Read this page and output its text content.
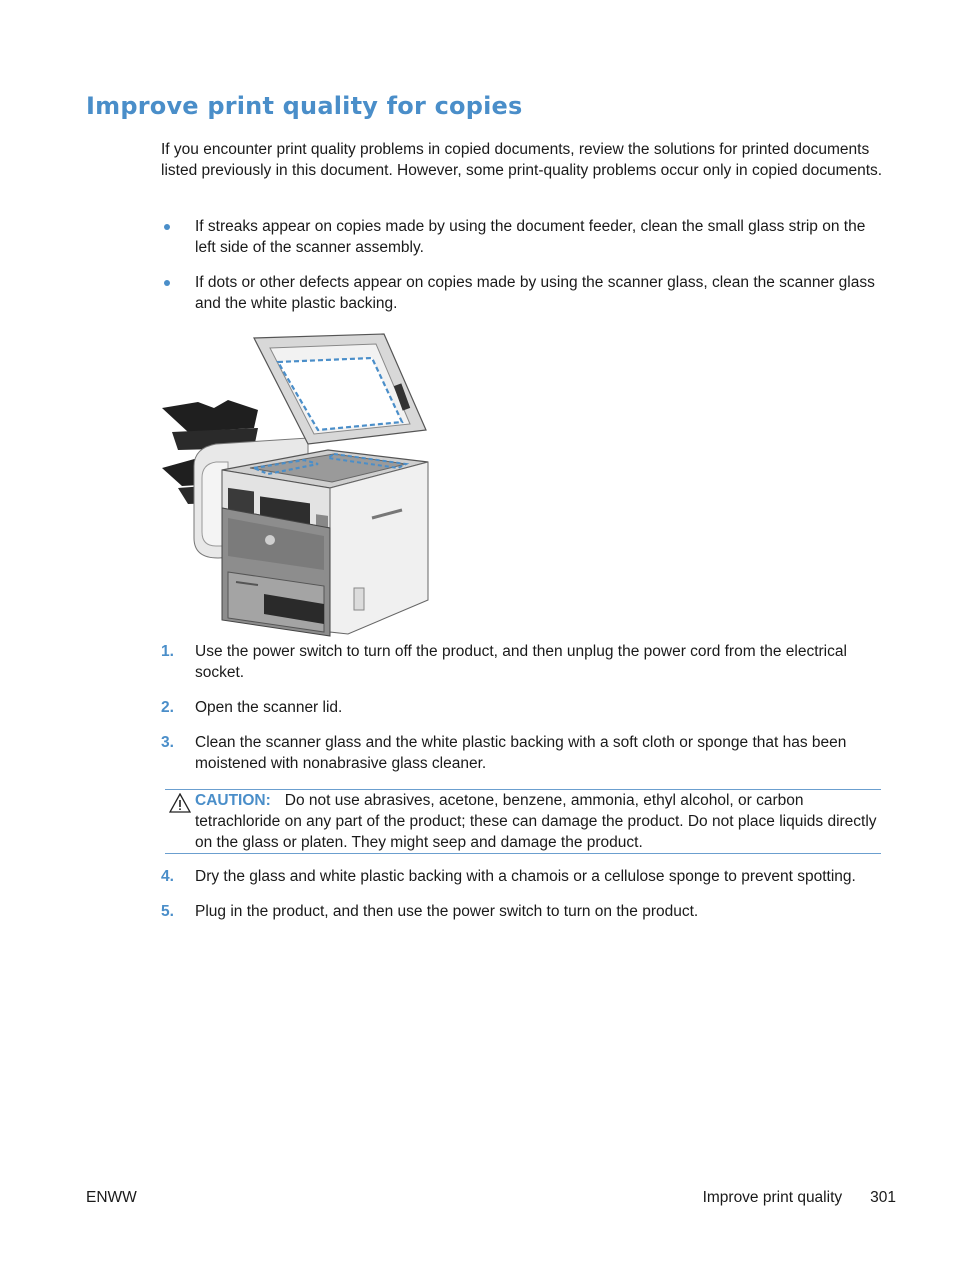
Improve print quality for copies

If you encounter print quality problems in copied documents, review the solutions for printed documents listed previously in this document. However, some print-quality problems occur only in copied documents.

If streaks appear on copies made by using the document feeder, clean the small glass strip on the left side of the scanner assembly.
If dots or other defects appear on copies made by using the scanner glass, clean the scanner glass and the white plastic backing.
1. Use the power switch to turn off the product, and then unplug the power cord from the electrical socket.
2. Open the scanner lid.
3. Clean the scanner glass and the white plastic backing with a soft cloth or sponge that has been moistened with nonabrasive glass cleaner.
CAUTION: Do not use abrasives, acetone, benzene, ammonia, ethyl alcohol, or carbon tetrachloride on any part of the product; these can damage the product. Do not place liquids directly on the glass or platen. They might seep and damage the product.
4. Dry the glass and white plastic backing with a chamois or a cellulose sponge to prevent spotting.
5. Plug in the product, and then use the power switch to turn on the product.
ENWW	Improve print quality 301
